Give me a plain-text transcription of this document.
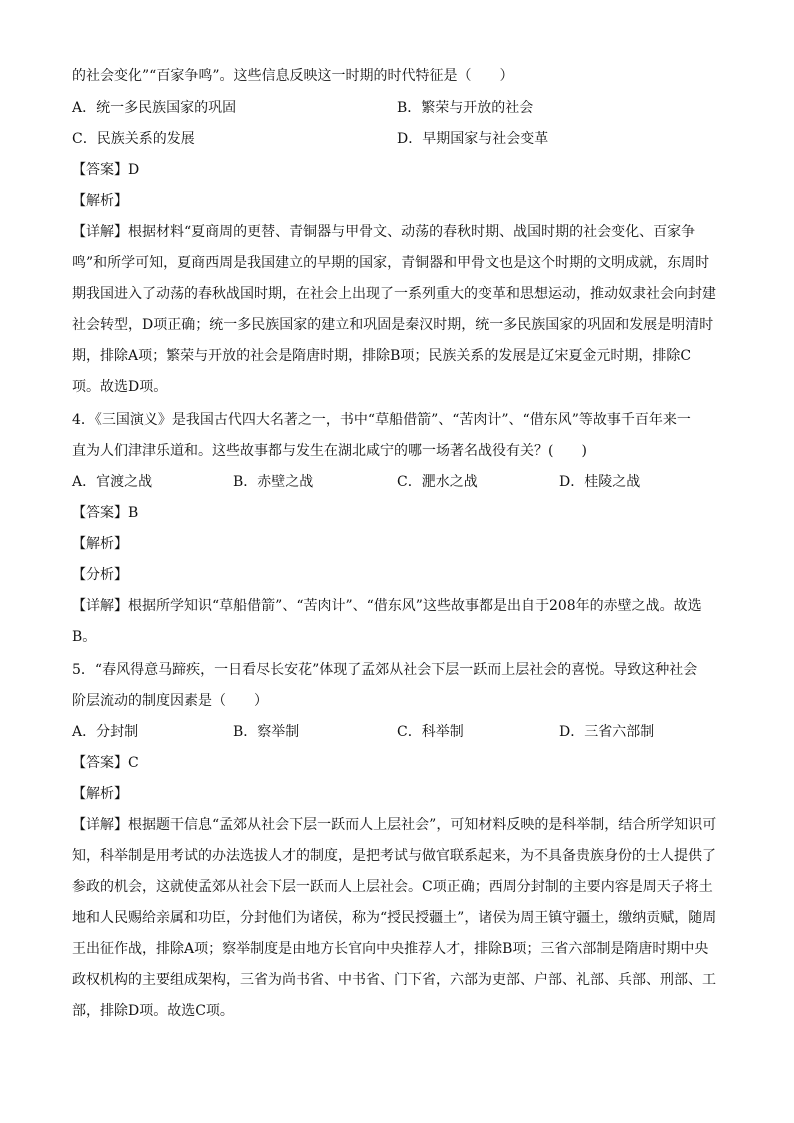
的社会变化”“百家争鸣”。这些信息反映这一时期的时代特征是（　　）
A．统一多民族国家的巩固	B．繁荣与开放的社会
C．民族关系的发展	D．早期国家与社会变革
【答案】D
【解析】
【详解】根据材料“夏商周的更替、青铜器与甲骨文、动荡的春秋时期、战国时期的社会变化、百家争
鸣”和所学可知，夏商西周是我国建立的早期的国家，青铜器和甲骨文也是这个时期的文明成就，东周时
期我国进入了动荡的春秋战国时期，在社会上出现了一系列重大的变革和思想运动，推动奴隶社会向封建
社会转型，D项正确；统一多民族国家的建立和巩固是秦汉时期，统一多民族国家的巩固和发展是明清时
期，排除A项；繁荣与开放的社会是隋唐时期，排除B项；民族关系的发展是辽宋夏金元时期，排除C
项。故选D项。
4．《三国演义》是我国古代四大名著之一，书中“草船借箭”、“苦肉计”、“借东风”等故事千百年来一
直为人们津津乐道和。这些故事都与发生在湖北咸宁的哪一场著名战役有关？(　　)
A．官渡之战	B．赤壁之战	C．淝水之战	D．桂陵之战
【答案】B
【解析】
【分析】
【详解】根据所学知识“草船借箭”、“苦肉计”、“借东风”这些故事都是出自于208年的赤壁之战。故选
B。
5．“春风得意马蹄疾，一日看尽长安花”体现了孟郊从社会下层一跃而上层社会的喜悦。导致这种社会
阶层流动的制度因素是（　　）
A．分封制	B．察举制	C．科举制	D．三省六部制
【答案】C
【解析】
【详解】根据题干信息“孟郊从社会下层一跃而人上层社会”，可知材料反映的是科举制，结合所学知识可
知，科举制是用考试的办法选拔人才的制度，是把考试与做官联系起来，为不具备贵族身份的士人提供了
参政的机会，这就使孟郊从社会下层一跃而人上层社会。C项正确；西周分封制的主要内容是周天子将土
地和人民赐给亲属和功臣，分封他们为诸侯，称为“授民授疆土”，诸侯为周王镇守疆土，缴纳贡赋，随周
王出征作战，排除A项；察举制度是由地方长官向中央推荐人才，排除B项；三省六部制是隋唐时期中央
政权机构的主要组成架构，三省为尚书省、中书省、门下省，六部为吏部、户部、礼部、兵部、刑部、工
部，排除D项。故选C项。
